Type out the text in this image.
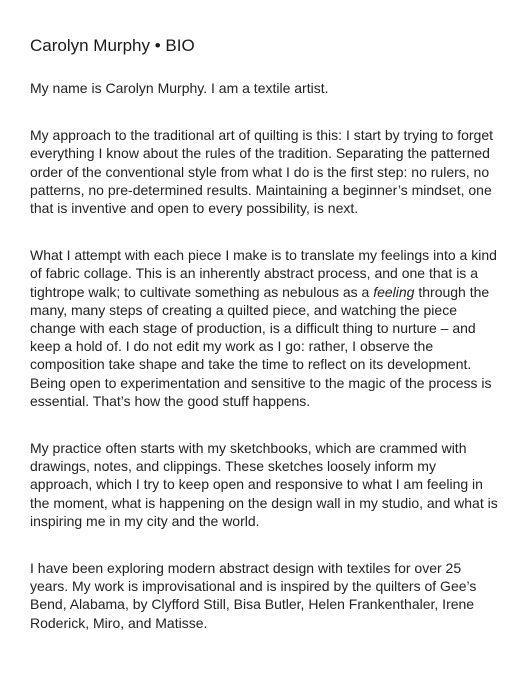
Carolyn Murphy • BIO

My name is Carolyn Murphy. I am a textile artist.

My approach to the traditional art of quilting is this: I start by trying to forget everything I know about the rules of the tradition. Separating the patterned order of the conventional style from what I do is the first step: no rulers, no patterns, no pre-determined results. Maintaining a beginner’s mindset, one that is inventive and open to every possibility, is next.

What I attempt with each piece I make is to translate my feelings into a kind of fabric collage. This is an inherently abstract process, and one that is a tightrope walk; to cultivate something as nebulous as a feeling through the many, many steps of creating a quilted piece, and watching the piece change with each stage of production, is a difficult thing to nurture – and keep a hold of. I do not edit my work as I go: rather, I observe the composition take shape and take the time to reflect on its development. Being open to experimentation and sensitive to the magic of the process is essential. That’s how the good stuff happens.

My practice often starts with my sketchbooks, which are crammed with drawings, notes, and clippings. These sketches loosely inform my approach, which I try to keep open and responsive to what I am feeling in the moment, what is happening on the design wall in my studio, and what is inspiring me in my city and the world.

I have been exploring modern abstract design with textiles for over 25 years. My work is improvisational and is inspired by the quilters of Gee’s Bend, Alabama, by Clyfford Still, Bisa Butler, Helen Frankenthaler, Irene Roderick, Miro, and Matisse.
